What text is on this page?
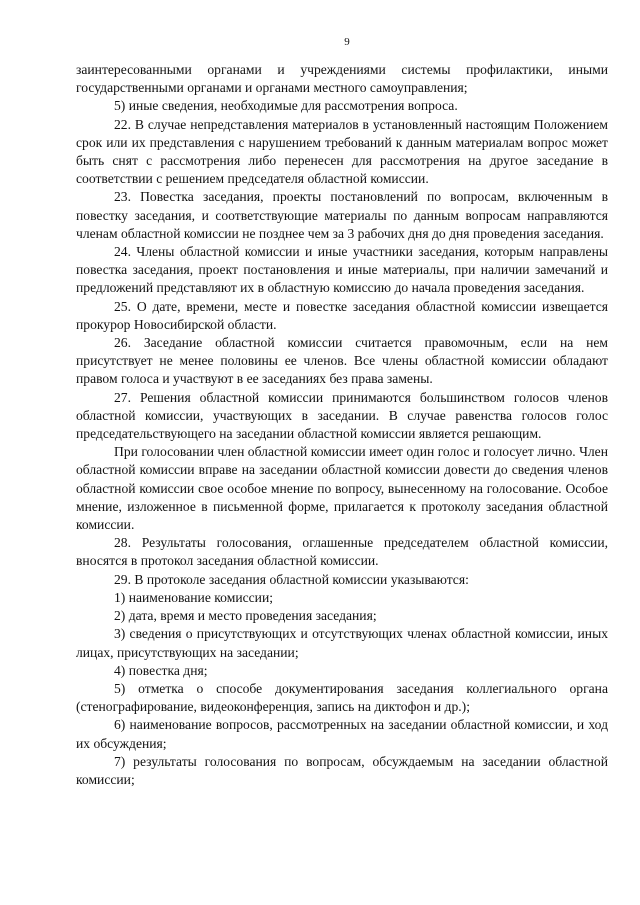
9

заинтересованными органами и учреждениями системы профилактики, иными государственными органами и органами местного самоуправления;

5) иные сведения, необходимые для рассмотрения вопроса.

22. В случае непредставления материалов в установленный настоящим Положением срок или их представления с нарушением требований к данным материалам вопрос может быть снят с рассмотрения либо перенесен для рассмотрения на другое заседание в соответствии с решением председателя областной комиссии.

23. Повестка заседания, проекты постановлений по вопросам, включенным в повестку заседания, и соответствующие материалы по данным вопросам направляются членам областной комиссии не позднее чем за 3 рабочих дня до дня проведения заседания.

24. Члены областной комиссии и иные участники заседания, которым направлены повестка заседания, проект постановления и иные материалы, при наличии замечаний и предложений представляют их в областную комиссию до начала проведения заседания.

25. О дате, времени, месте и повестке заседания областной комиссии извещается прокурор Новосибирской области.

26. Заседание областной комиссии считается правомочным, если на нем присутствует не менее половины ее членов. Все члены областной комиссии обладают правом голоса и участвуют в ее заседаниях без права замены.

27. Решения областной комиссии принимаются большинством голосов членов областной комиссии, участвующих в заседании. В случае равенства голосов голос председательствующего на заседании областной комиссии является решающим.

При голосовании член областной комиссии имеет один голос и голосует лично. Член областной комиссии вправе на заседании областной комиссии довести до сведения членов областной комиссии свое особое мнение по вопросу, вынесенному на голосование. Особое мнение, изложенное в письменной форме, прилагается к протоколу заседания областной комиссии.

28. Результаты голосования, оглашенные председателем областной комиссии, вносятся в протокол заседания областной комиссии.

29. В протоколе заседания областной комиссии указываются:

1) наименование комиссии;

2) дата, время и место проведения заседания;

3) сведения о присутствующих и отсутствующих членах областной комиссии, иных лицах, присутствующих на заседании;

4) повестка дня;

5) отметка о способе документирования заседания коллегиального органа (стенографирование, видеоконференция, запись на диктофон и др.);

6) наименование вопросов, рассмотренных на заседании областной комиссии, и ход их обсуждения;

7) результаты голосования по вопросам, обсуждаемым на заседании областной комиссии;
